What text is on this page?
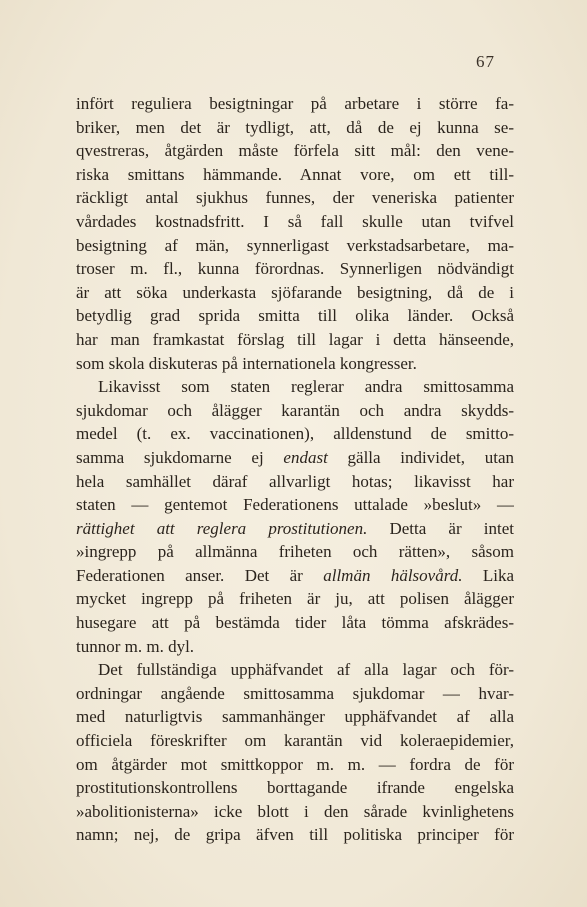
67
infört reguliera besigtningar på arbetare i större fa-
briker, men det är tydligt, att, då de ej kunna se-
qvestreras, åtgärden måste förfela sitt mål: den vene-
riska smittans hämmande. Annat vore, om ett till-
räckligt antal sjukhus funnes, der veneriska patienter
vårdades kostnadsfritt. I så fall skulle utan tvifvel
besigtning af män, synnerligast verkstadsarbetare, ma-
troser m. fl., kunna förordnas. Synnerligen nödvändigt
är att söka underkasta sjöfarande besigtning, då de i
betydlig grad sprida smitta till olika länder. Också
har man framkastat förslag till lagar i detta hänseende,
som skola diskuteras på internationela kongresser.
Likavisst som staten reglerar andra smittosamma
sjukdomar och ålägger karantän och andra skydds-
medel (t. ex. vaccinationen), alldenstund de smitto-
samma sjukdomarne ej endast gälla individet, utan
hela samhället däraf allvarligt hotas; likavisst har
staten — gentemot Federationens uttalade »beslut» —
rättighet att reglera prostitutionen. Detta är intet
»ingrepp på allmänna friheten och rätten», såsom
Federationen anser. Det är allmän hälsovård. Lika
mycket ingrepp på friheten är ju, att polisen ålägger
husegare att på bestämda tider låta tömma afskrädes-
tunnor m. m. dyl.
Det fullständiga upphäfvandet af alla lagar och för-
ordningar angående smittosamma sjukdomar — hvar-
med naturligtvis sammanhänger upphäfvandet af alla
officiela föreskrifter om karantän vid koleraepidemier,
om åtgärder mot smittkoppor m. m. — fordra de för
prostitutionskontrollens borttagande ifrande engelska
»abolitionisterna» icke blott i den sårade kvinlighetens
namn; nej, de gripa äfven till politiska principer för
